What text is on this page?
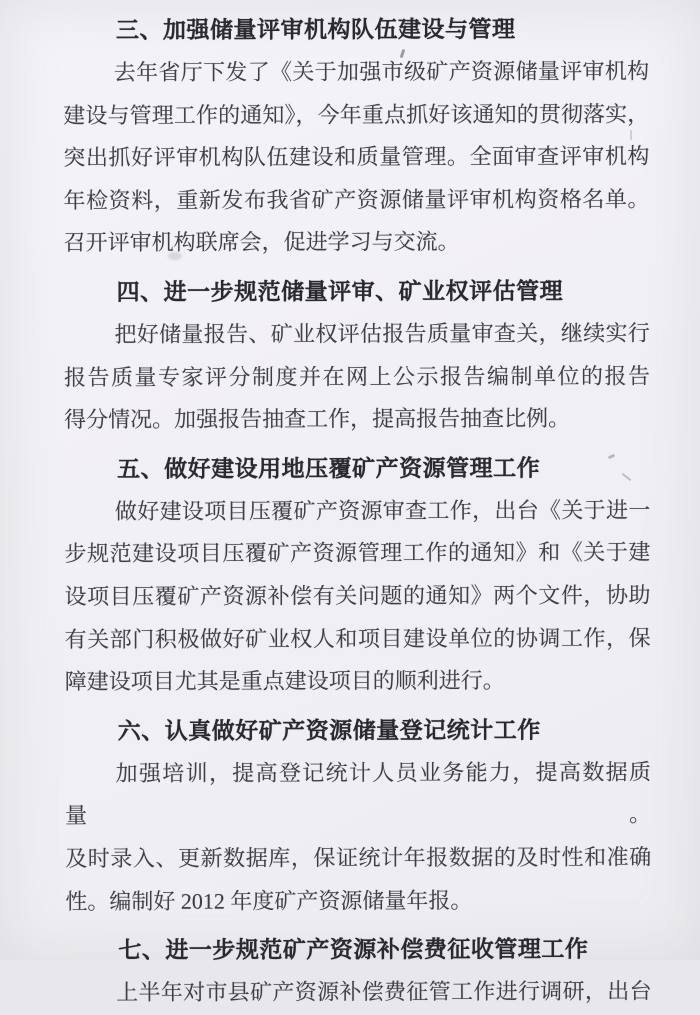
三、加强储量评审机构队伍建设与管理
去年省厅下发了《关于加强市级矿产资源储量评审机构
建设与管理工作的通知》，今年重点抓好该通知的贯彻落实，
突出抓好评审机构队伍建设和质量管理。全面审查评审机构
年检资料，重新发布我省矿产资源储量评审机构资格名单。
召开评审机构联席会，促进学习与交流。
四、进一步规范储量评审、矿业权评估管理
把好储量报告、矿业权评估报告质量审查关，继续实行
报告质量专家评分制度并在网上公示报告编制单位的报告
得分情况。加强报告抽查工作，提高报告抽查比例。
五、做好建设用地压覆矿产资源管理工作
做好建设项目压覆矿产资源审查工作，出台《关于进一
步规范建设项目压覆矿产资源管理工作的通知》和《关于建
设项目压覆矿产资源补偿有关问题的通知》两个文件，协助
有关部门积极做好矿业权人和项目建设单位的协调工作，保
障建设项目尤其是重点建设项目的顺利进行。
六、认真做好矿产资源储量登记统计工作
加强培训，提高登记统计人员业务能力，提高数据质量。
及时录入、更新数据库，保证统计年报数据的及时性和准确
性。编制好 2012 年度矿产资源储量年报。
七、进一步规范矿产资源补偿费征收管理工作
上半年对市县矿产资源补偿费征管工作进行调研，出台
